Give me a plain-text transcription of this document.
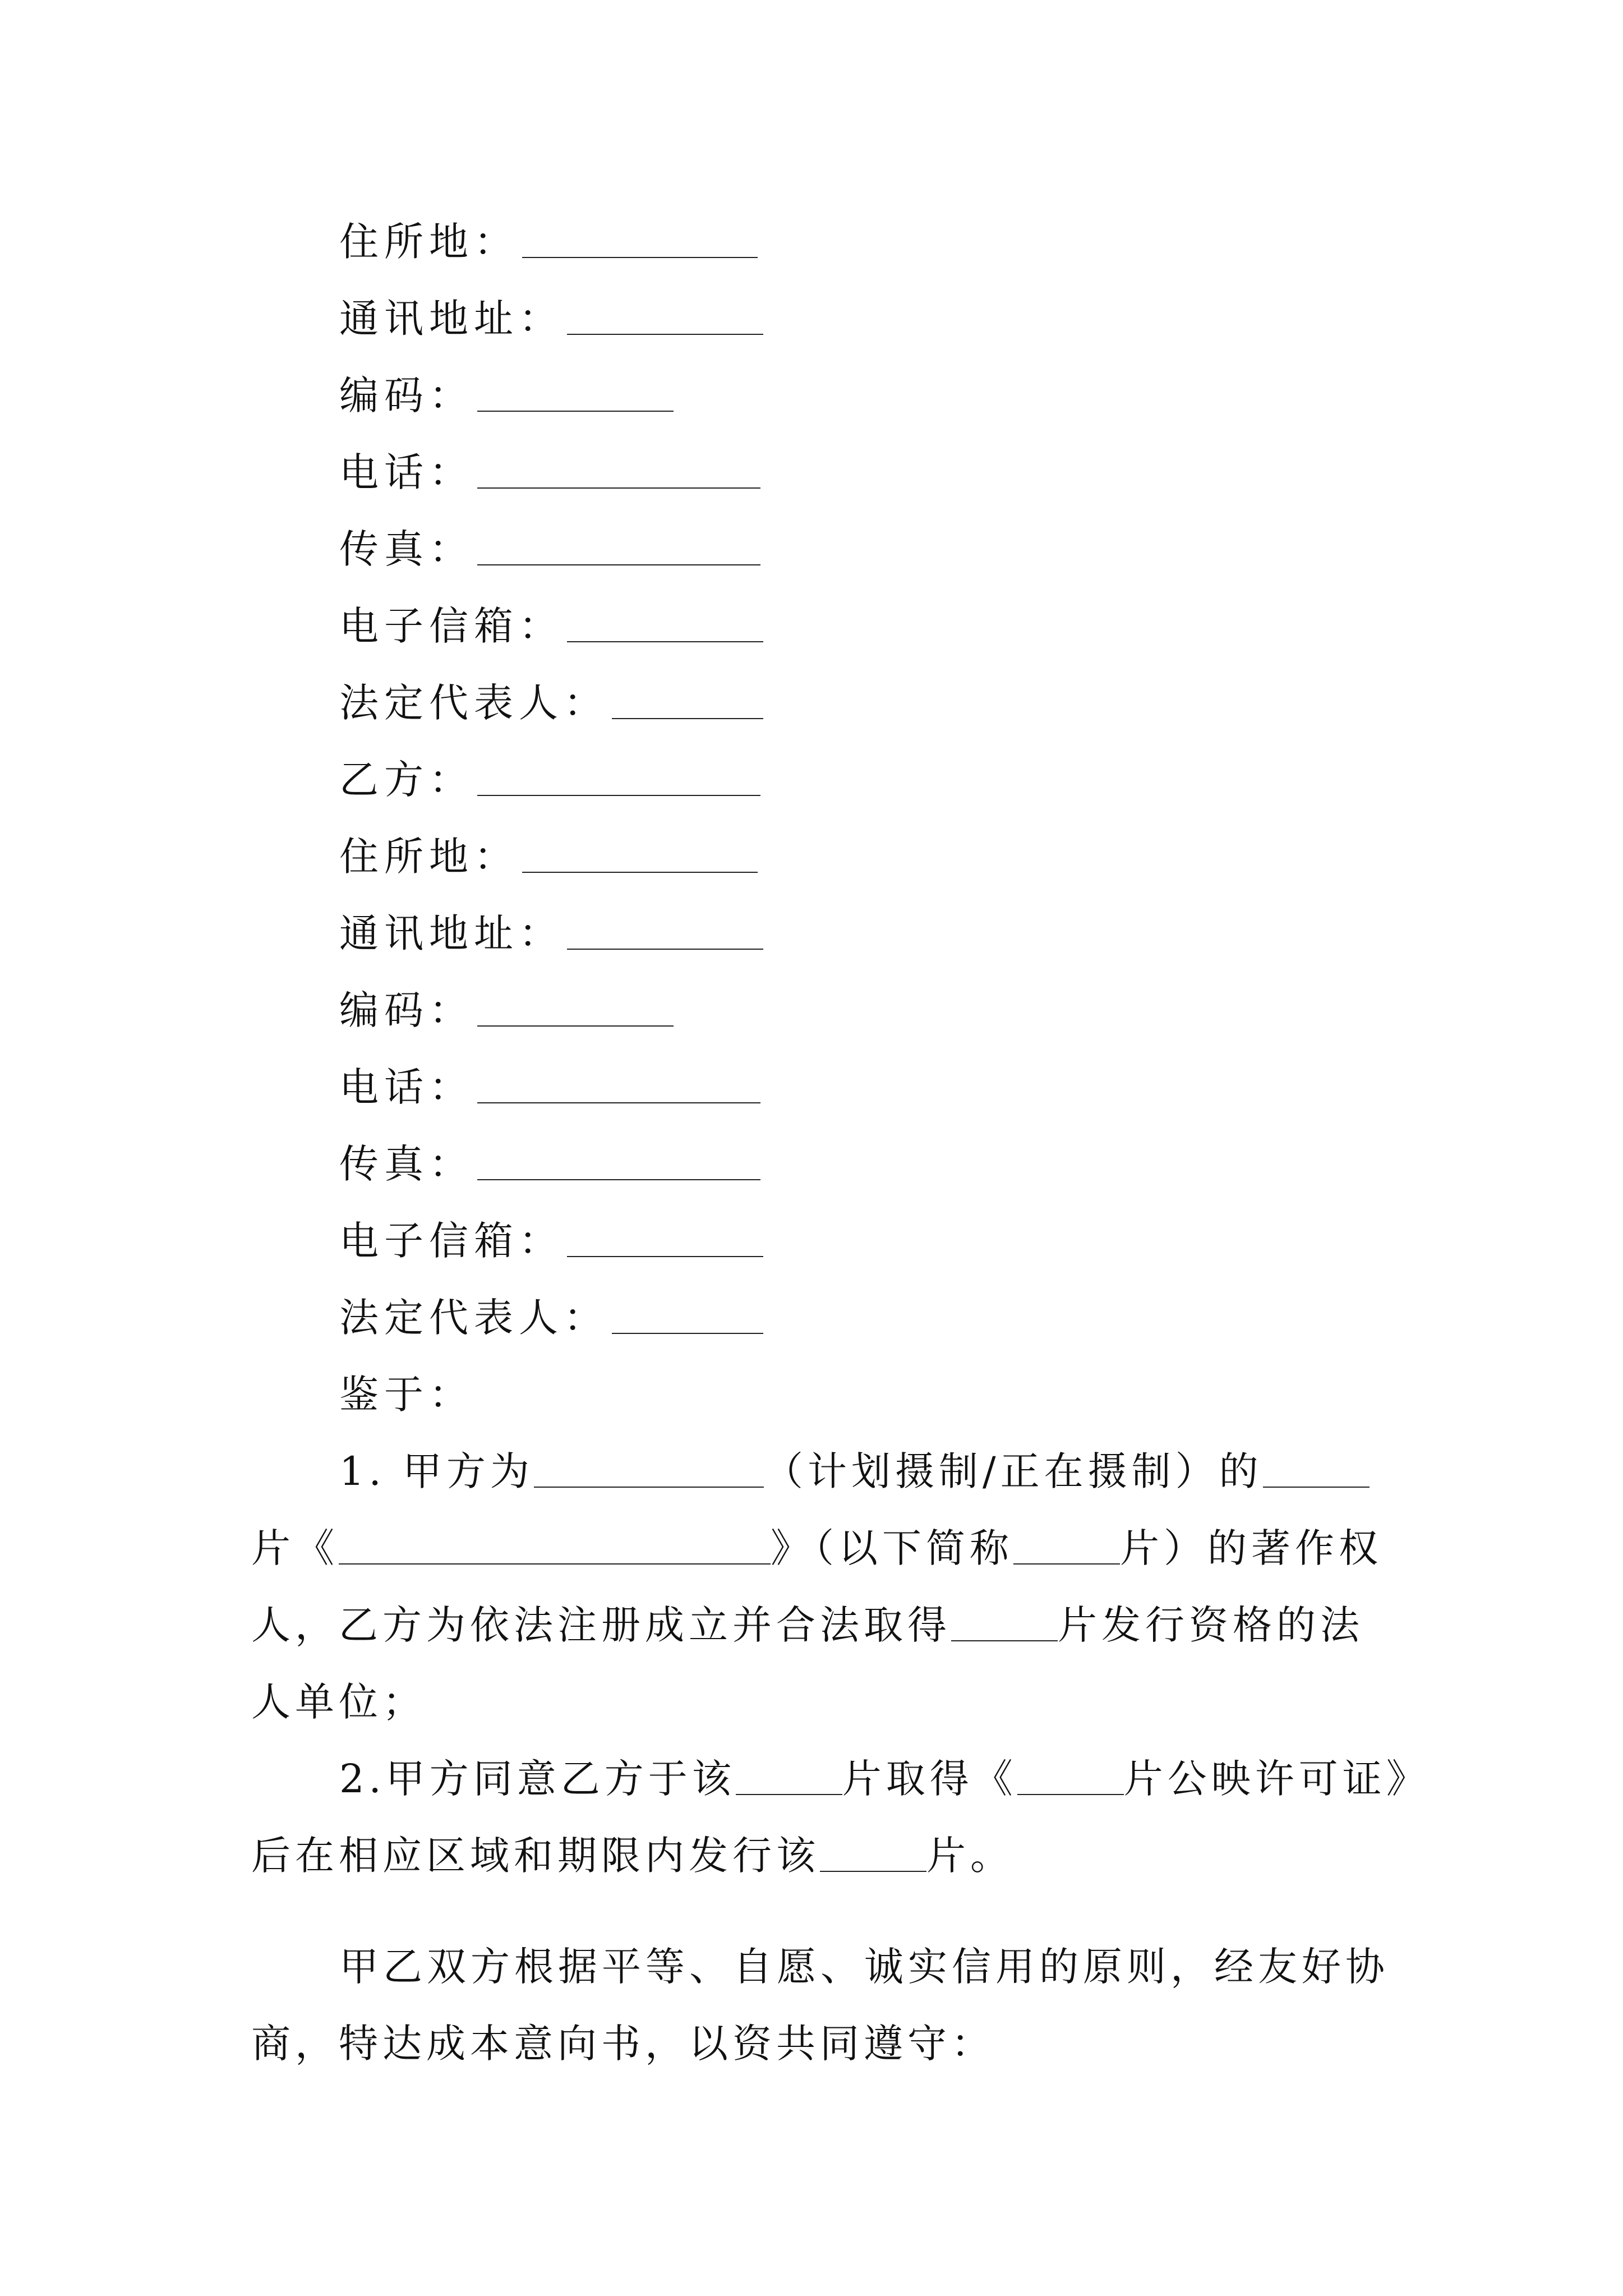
住所地：
通讯地址：
编码：
电话：
传真：
电子信箱：
法定代表人：
乙方：
住所地：
通讯地址：
编码：
电话：
传真：
电子信箱：
法定代表人：
鉴于：
1. 甲方为	（计划摄制/正在摄制）的
片《	》（以下简称	片）的著作权
人，乙方为依法注册成立并合法取得	片发行资格的法
人单位；
2.甲方同意乙方于该	片取得《	片公映许可证》
后在相应区域和期限内发行该	片。
甲乙双方根据平等、自愿、诚实信用的原则，经友好协
商，特达成本意向书，以资共同遵守：
